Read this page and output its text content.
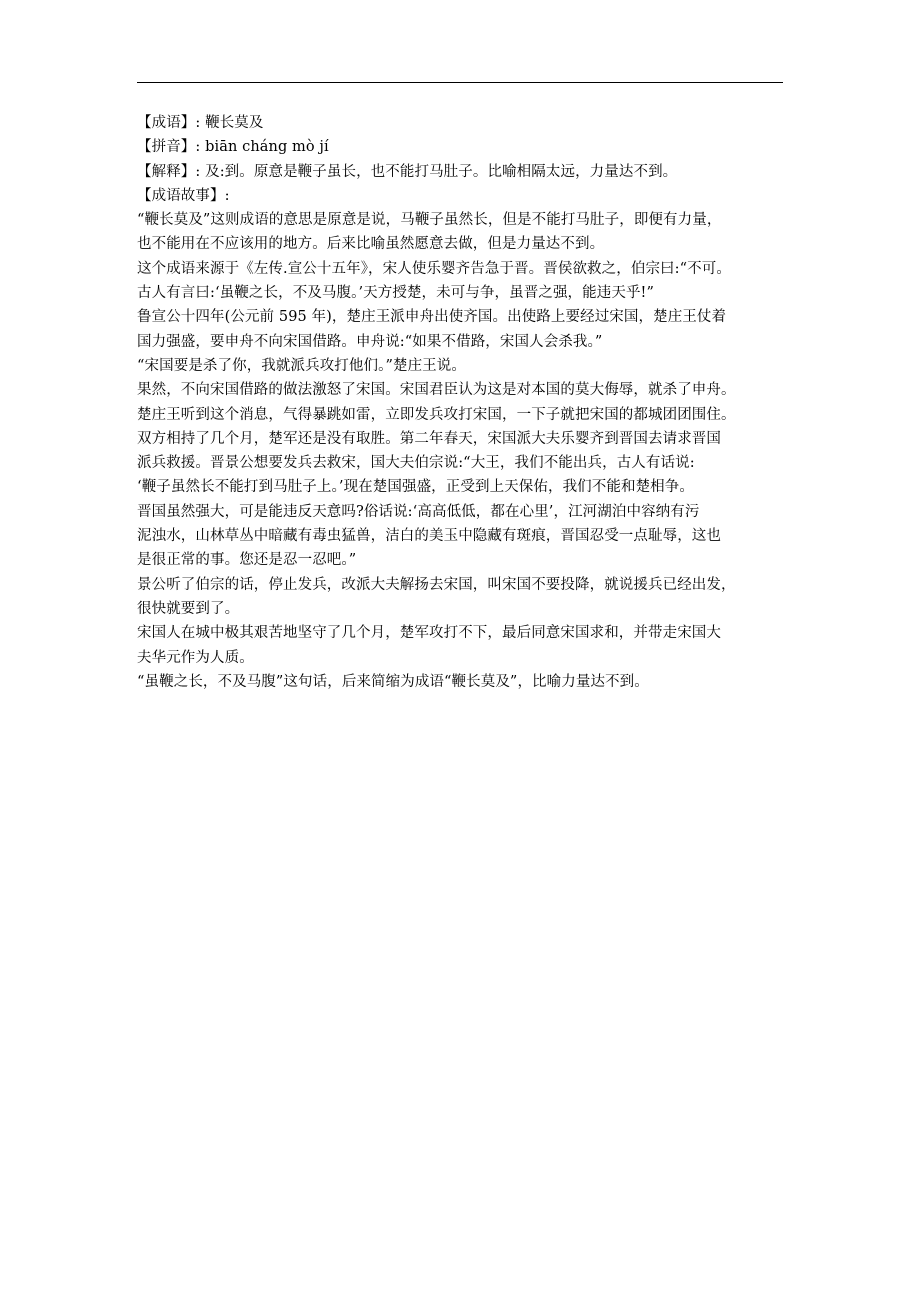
【成语】: 鞭长莫及
【拼音】: biān cháng mò jí
【解释】: 及:到。原意是鞭子虽长，也不能打马肚子。比喻相隔太远，力量达不到。
【成语故事】:
“鞭长莫及”这则成语的意思是原意是说，马鞭子虽然长，但是不能打马肚子，即便有力量，
也不能用在不应该用的地方。后来比喻虽然愿意去做，但是力量达不到。
这个成语来源于《左传.宣公十五年》，宋人使乐婴齐告急于晋。晋侯欲救之，伯宗曰:“不可。
古人有言曰:‘虽鞭之长，不及马腹。’天方授楚，未可与争，虽晋之强，能违天乎!”
鲁宣公十四年(公元前 595 年)，楚庄王派申舟出使齐国。出使路上要经过宋国，楚庄王仗着
国力强盛，要申舟不向宋国借路。申舟说:“如果不借路，宋国人会杀我。”
“宋国要是杀了你，我就派兵攻打他们。”楚庄王说。
果然，不向宋国借路的做法激怒了宋国。宋国君臣认为这是对本国的莫大侮辱，就杀了申舟。
楚庄王听到这个消息，气得暴跳如雷，立即发兵攻打宋国，一下子就把宋国的都城团团围住。
双方相持了几个月，楚军还是没有取胜。第二年春天，宋国派大夫乐婴齐到晋国去请求晋国
派兵救援。晋景公想要发兵去救宋，国大夫伯宗说:“大王，我们不能出兵，古人有话说:
‘鞭子虽然长不能打到马肚子上。’现在楚国强盛，正受到上天保佑，我们不能和楚相争。
晋国虽然强大，可是能违反天意吗?俗话说:‘高高低低，都在心里’，江河湖泊中容纳有污
泥浊水，山林草丛中暗藏有毒虫猛兽，洁白的美玉中隐藏有斑痕，晋国忍受一点耻辱，这也
是很正常的事。您还是忍一忍吧。”
景公听了伯宗的话，停止发兵，改派大夫解扬去宋国，叫宋国不要投降，就说援兵已经出发，
很快就要到了。
宋国人在城中极其艰苦地坚守了几个月，楚军攻打不下，最后同意宋国求和，并带走宋国大
夫华元作为人质。
“虽鞭之长，不及马腹”这句话，后来简缩为成语“鞭长莫及”，比喻力量达不到。
